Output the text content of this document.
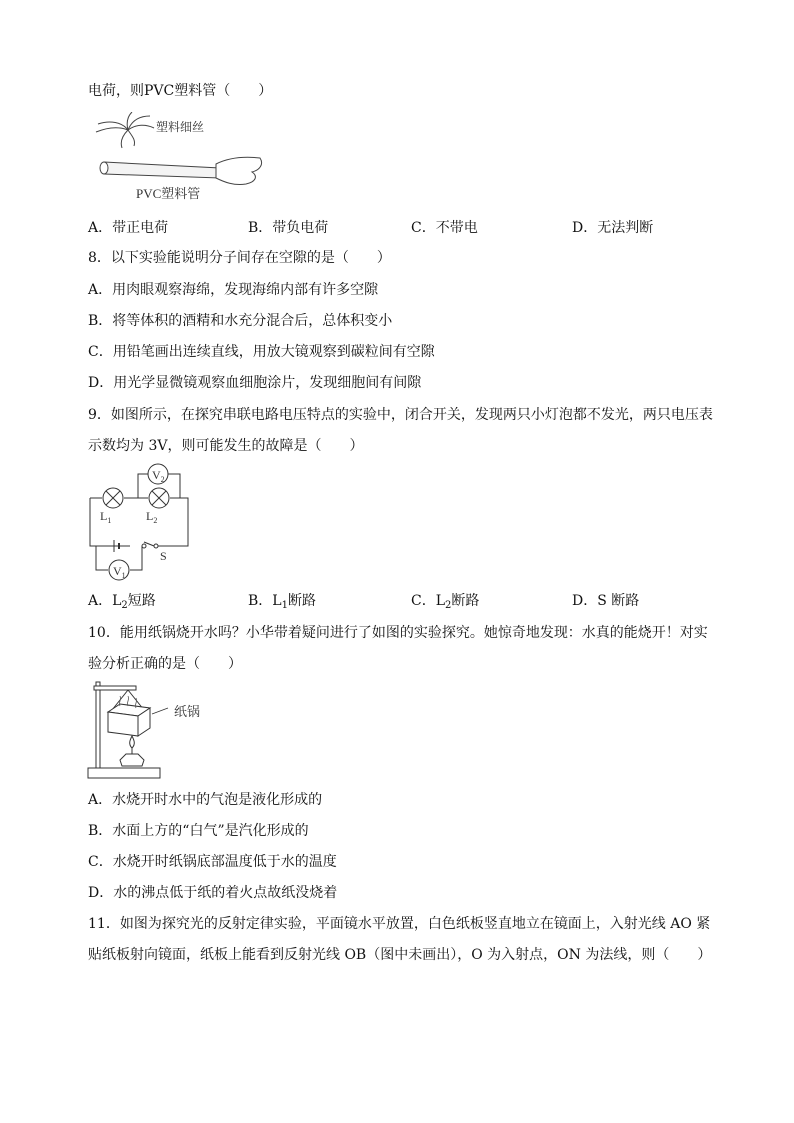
电荷，则PVC塑料管（　　）
塑料细丝
PVC塑料管
A．带正电荷	B．带负电荷	C．不带电	D．无法判断
8．以下实验能说明分子间存在空隙的是（　　）
A．用肉眼观察海绵，发现海绵内部有许多空隙
B．将等体积的酒精和水充分混合后，总体积变小
C．用铅笔画出连续直线，用放大镜观察到碳粒间有空隙
D．用光学显微镜观察血细胞涂片，发现细胞间有间隙
9．如图所示，在探究串联电路电压特点的实验中，闭合开关，发现两只小灯泡都不发光，两只电压表
示数均为 3V，则可能发生的故障是（　　）
$V_2$
$V_1$
$L_1$	$L_2$
S
A．$L_2$短路	B．$L_1$断路	C．$L_2$断路	D．S 断路
10．能用纸锅烧开水吗？小华带着疑问进行了如图的实验探究。她惊奇地发现：水真的能烧开！对实
验分析正确的是（　　）
纸锅
A．水烧开时水中的气泡是液化形成的
B．水面上方的“白气”是汽化形成的
C．水烧开时纸锅底部温度低于水的温度
D．水的沸点低于纸的着火点故纸没烧着
11．如图为探究光的反射定律实验，平面镜水平放置，白色纸板竖直地立在镜面上，入射光线 AO 紧
贴纸板射向镜面，纸板上能看到反射光线 OB（图中未画出），O 为入射点，ON 为法线，则（　　）
